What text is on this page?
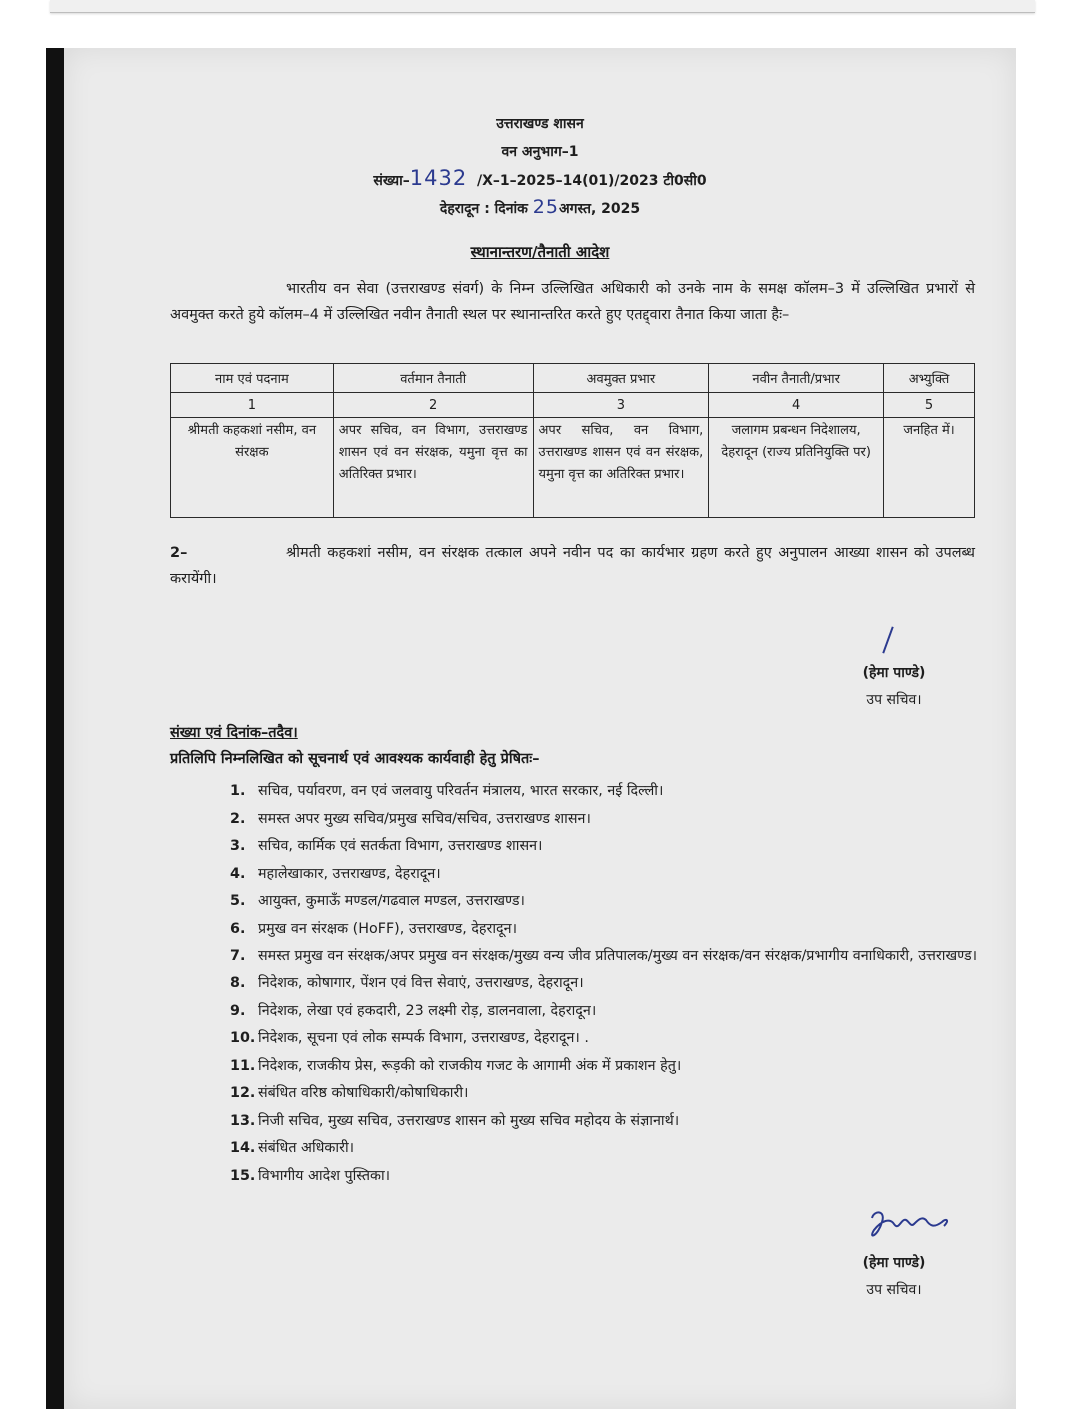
उत्तराखण्ड शासन
वन अनुभाग–1
संख्या–1432 /X–1–2025–14(01)/2023 टी0सी0
देहरादून : दिनांक 25अगस्त, 2025
स्थानान्तरण/तैनाती आदेश
भारतीय वन सेवा (उत्तराखण्ड संवर्ग) के निम्न उल्लिखित अधिकारी को उनके नाम के समक्ष कॉलम–3 में उल्लिखित प्रभारों से अवमुक्त करते हुये कॉलम–4 में उल्लिखित नवीन तैनाती स्थल पर स्थानान्तरित करते हुए एतद्द्वारा तैनात किया जाता हैः–
नाम एवं पदनाम	वर्तमान तैनाती	अवमुक्त प्रभार	नवीन तैनाती/प्रभार	अभ्युक्ति
1	2	3	4	5
श्रीमती कहकशां नसीम, वन संरक्षक	अपर सचिव, वन विभाग, उत्तराखण्ड शासन एवं वन संरक्षक, यमुना वृत्त का अतिरिक्त प्रभार।	अपर सचिव, वन विभाग, उत्तराखण्ड शासन एवं वन संरक्षक, यमुना वृत्त का अतिरिक्त प्रभार।	जलागम प्रबन्धन निदेशालय, देहरादून (राज्य प्रतिनियुक्ति पर)	जनहित में।
2–	श्रीमती कहकशां नसीम, वन संरक्षक तत्काल अपने नवीन पद का कार्यभार ग्रहण करते हुए अनुपालन आख्या शासन को उपलब्ध करायेंगी।
(हेमा पाण्डे)
उप सचिव।
संख्या एवं दिनांक–तदैव।
प्रतिलिपि निम्नलिखित को सूचनार्थ एवं आवश्यक कार्यवाही हेतु प्रेषितः–
1. सचिव, पर्यावरण, वन एवं जलवायु परिवर्तन मंत्रालय, भारत सरकार, नई दिल्ली।
2. समस्त अपर मुख्य सचिव/प्रमुख सचिव/सचिव, उत्तराखण्ड शासन।
3. सचिव, कार्मिक एवं सतर्कता विभाग, उत्तराखण्ड शासन।
4. महालेखाकार, उत्तराखण्ड, देहरादून।
5. आयुक्त, कुमाऊँ मण्डल/गढवाल मण्डल, उत्तराखण्ड।
6. प्रमुख वन संरक्षक (HoFF), उत्तराखण्ड, देहरादून।
7. समस्त प्रमुख वन संरक्षक/अपर प्रमुख वन संरक्षक/मुख्य वन्य जीव प्रतिपालक/मुख्य वन संरक्षक/वन संरक्षक/प्रभागीय वनाधिकारी, उत्तराखण्ड।
8. निदेशक, कोषागार, पेंशन एवं वित्त सेवाएं, उत्तराखण्ड, देहरादून।
9. निदेशक, लेखा एवं हकदारी, 23 लक्ष्मी रोड़, डालनवाला, देहरादून।
10. निदेशक, सूचना एवं लोक सम्पर्क विभाग, उत्तराखण्ड, देहरादून। .
11. निदेशक, राजकीय प्रेस, रूड़की को राजकीय गजट के आगामी अंक में प्रकाशन हेतु।
12. संबंधित वरिष्ठ कोषाधिकारी/कोषाधिकारी।
13. निजी सचिव, मुख्य सचिव, उत्तराखण्ड शासन को मुख्य सचिव महोदय के संज्ञानार्थ।
14. संबंधित अधिकारी।
15. विभागीय आदेश पुस्तिका।
(हेमा पाण्डे)
उप सचिव।
